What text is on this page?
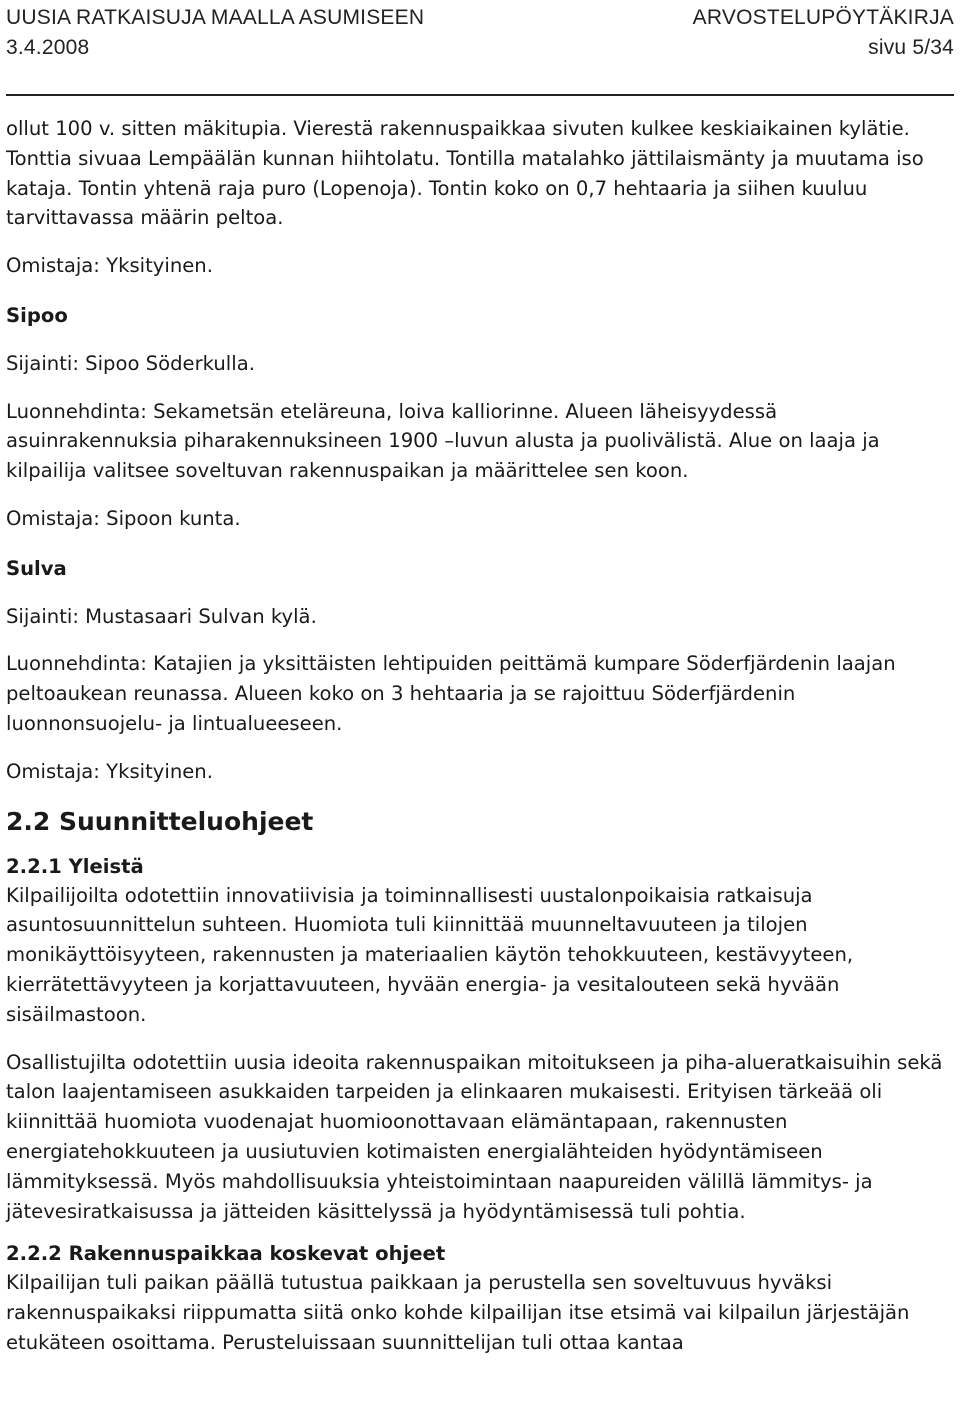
UUSIA RATKAISUJA MAALLA ASUMISEEN	ARVOSTELUPÖYTÄKIRJA
3.4.2008	sivu 5/34

ollut 100 v. sitten mäkitupia. Vierestä rakennuspaikkaa sivuten kulkee keskiaikainen kylätie. Tonttia sivuaa Lempäälän kunnan hiihtolatu. Tontilla matalahko jättilaismänty ja muutama iso kataja. Tontin yhtenä raja puro (Lopenoja). Tontin koko on 0,7 hehtaaria ja siihen kuuluu tarvittavassa määrin peltoa.

Omistaja: Yksityinen.

Sipoo

Sijainti: Sipoo Söderkulla.

Luonnehdinta: Sekametsän eteläreuna, loiva kalliorinne. Alueen läheisyydessä asuinrakennuksia piharakennuksineen 1900 –luvun alusta ja puolivälistä. Alue on laaja ja kilpailija valitsee soveltuvan rakennuspaikan ja määrittelee sen koon.

Omistaja: Sipoon kunta.

Sulva

Sijainti: Mustasaari Sulvan kylä.

Luonnehdinta: Katajien ja yksittäisten lehtipuiden peittämä kumpare Söderfjärdenin laajan peltoaukean reunassa. Alueen koko on 3 hehtaaria ja se rajoittuu Söderfjärdenin luonnonsuojelu- ja lintualueeseen.

Omistaja: Yksityinen.

2.2 Suunnitteluohjeet

2.2.1 Yleistä

Kilpailijoilta odotettiin innovatiivisia ja toiminnallisesti uustalonpoikaisia ratkaisuja asuntosuunnittelun suhteen. Huomiota tuli kiinnittää muunneltavuuteen ja tilojen monikäyttöisyyteen, rakennusten ja materiaalien käytön tehokkuuteen, kestävyyteen, kierrätettävyyteen ja korjattavuuteen, hyvään energia- ja vesitalouteen sekä hyvään sisäilmastoon.

Osallistujilta odotettiin uusia ideoita rakennuspaikan mitoitukseen ja piha-alueratkaisuihin sekä talon laajentamiseen asukkaiden tarpeiden ja elinkaaren mukaisesti. Erityisen tärkeää oli kiinnittää huomiota vuodenajat huomioonottavaan elämäntapaan, rakennusten energiatehokkuuteen ja uusiutuvien kotimaisten energialähteiden hyödyntämiseen lämmityksessä. Myös mahdollisuuksia yhteistoimintaan naapureiden välillä lämmitys- ja jätevesiratkaisussa ja jätteiden käsittelyssä ja hyödyntämisessä tuli pohtia.

2.2.2 Rakennuspaikkaa koskevat ohjeet

Kilpailijan tuli paikan päällä tutustua paikkaan ja perustella sen soveltuvuus hyväksi rakennuspaikaksi riippumatta siitä onko kohde kilpailijan itse etsimä vai kilpailun järjestäjän etukäteen osoittama. Perusteluissaan suunnittelijan tuli ottaa kantaa
